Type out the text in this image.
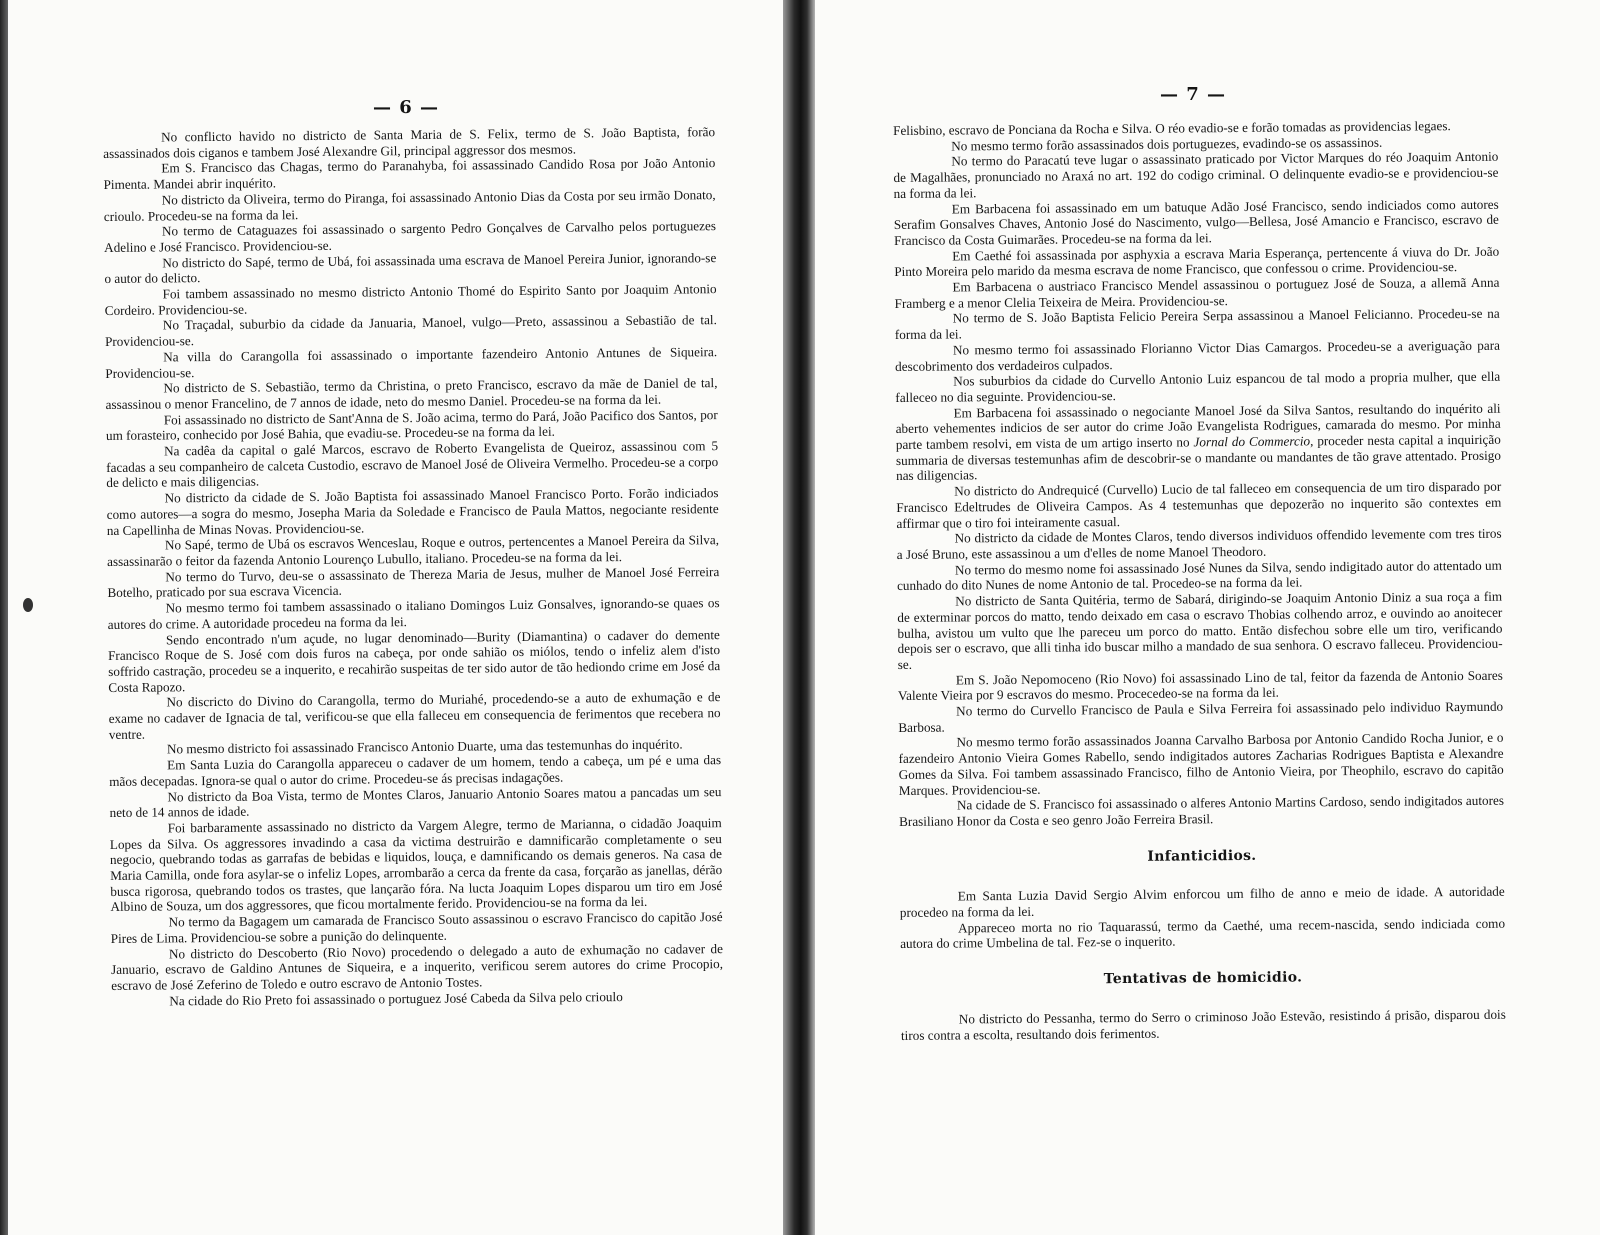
— 6 —

No conflicto havido no districto de Santa Maria de S. Felix, termo de S. João Baptista, forão assassinados dois ciganos e tambem José Alexandre Gil, principal aggressor dos mesmos.

Em S. Francisco das Chagas, termo do Paranahyba, foi assassinado Candido Rosa por João Antonio Pimenta. Mandei abrir inquérito.

No districto da Oliveira, termo do Piranga, foi assassinado Antonio Dias da Costa por seu irmão Donato, crioulo. Procedeu-se na forma da lei.

No termo de Cataguazes foi assassinado o sargento Pedro Gonçalves de Carvalho pelos portuguezes Adelino e José Francisco. Providenciou-se.

No districto do Sapé, termo de Ubá, foi assassinada uma escrava de Manoel Pereira Junior, ignorando-se o autor do delicto.

Foi tambem assassinado no mesmo districto Antonio Thomé do Espirito Santo por Joaquim Antonio Cordeiro. Providenciou-se.

No Traçadal, suburbio da cidade da Januaria, Manoel, vulgo—Preto, assassinou a Sebastião de tal. Providenciou-se.

Na villa do Carangolla foi assassinado o importante fazendeiro Antonio Antunes de Siqueira. Providenciou-se.

No districto de S. Sebastião, termo da Christina, o preto Francisco, escravo da mãe de Daniel de tal, assassinou o menor Francelino, de 7 annos de idade, neto do mesmo Daniel. Procedeu-se na forma da lei.

Foi assassinado no districto de Sant'Anna de S. João acima, termo do Pará, João Pacifico dos Santos, por um forasteiro, conhecido por José Bahia, que evadiu-se. Procedeu-se na forma da lei.

Na cadêa da capital o galé Marcos, escravo de Roberto Evangelista de Queiroz, assassinou com 5 facadas a seu companheiro de calceta Custodio, escravo de Manoel José de Oliveira Vermelho. Procedeu-se a corpo de delicto e mais diligencias.

No districto da cidade de S. João Baptista foi assassinado Manoel Francisco Porto. Forão indiciados como autores—a sogra do mesmo, Josepha Maria da Soledade e Francisco de Paula Mattos, negociante residente na Capellinha de Minas Novas. Providenciou-se.

No Sapé, termo de Ubá os escravos Wenceslau, Roque e outros, pertencentes a Manoel Pereira da Silva, assassinarão o feitor da fazenda Antonio Lourenço Lubullo, italiano. Procedeu-se na forma da lei.

No termo do Turvo, deu-se o assassinato de Thereza Maria de Jesus, mulher de Manoel José Ferreira Botelho, praticado por sua escrava Vicencia.

No mesmo termo foi tambem assassinado o italiano Domingos Luiz Gonsalves, ignorando-se quaes os autores do crime. A autoridade procedeu na forma da lei.

Sendo encontrado n'um açude, no lugar denominado—Burity (Diamantina) o cadaver do demente Francisco Roque de S. José com dois furos na cabeça, por onde sahião os miólos, tendo o infeliz alem d'isto soffrido castração, procedeu se a inquerito, e recahirão suspeitas de ter sido autor de tão hediondo crime em José da Costa Rapozo.

No discricto do Divino do Carangolla, termo do Muriahé, procedendo-se a auto de exhumação e de exame no cadaver de Ignacia de tal, verificou-se que ella falleceu em consequencia de ferimentos que recebera no ventre.

No mesmo districto foi assassinado Francisco Antonio Duarte, uma das testemunhas do inquérito.

Em Santa Luzia do Carangolla appareceu o cadaver de um homem, tendo a cabeça, um pé e uma das mãos decepadas. Ignora-se qual o autor do crime. Procedeu-se ás precisas indagações.

No districto da Boa Vista, termo de Montes Claros, Januario Antonio Soares matou a pancadas um seu neto de 14 annos de idade.

Foi barbaramente assassinado no districto da Vargem Alegre, termo de Marianna, o cidadão Joaquim Lopes da Silva. Os aggressores invadindo a casa da victima destruirão e damnificarão completamente o seu negocio, quebrando todas as garrafas de bebidas e liquidos, louça, e damnificando os demais generos. Na casa de Maria Camilla, onde fora asylar-se o infeliz Lopes, arrombarão a cerca da frente da casa, forçarão as janellas, dérão busca rigorosa, quebrando todos os trastes, que lançarão fóra. Na lucta Joaquim Lopes disparou um tiro em José Albino de Souza, um dos aggressores, que ficou mortalmente ferido. Providenciou-se na forma da lei.

No termo da Bagagem um camarada de Francisco Souto assassinou o escravo Francisco do capitão José Pires de Lima. Providenciou-se sobre a punição do delinquente.

No districto do Descoberto (Rio Novo) procedendo o delegado a auto de exhumação no cadaver de Januario, escravo de Galdino Antunes de Siqueira, e a inquerito, verificou serem autores do crime Procopio, escravo de José Zeferino de Toledo e outro escravo de Antonio Tostes.

Na cidade do Rio Preto foi assassinado o portuguez José Cabeda da Silva pelo crioulo

— 7 —

Felisbino, escravo de Ponciana da Rocha e Silva. O réo evadio-se e forão tomadas as providencias legaes.

No mesmo termo forão assassinados dois portuguezes, evadindo-se os assassinos.

No termo do Paracatú teve lugar o assassinato praticado por Victor Marques do réo Joaquim Antonio de Magalhães, pronunciado no Araxá no art. 192 do codigo criminal. O delinquente evadio-se e providenciou-se na forma da lei.

Em Barbacena foi assassinado em um batuque Adão José Francisco, sendo indiciados como autores Serafim Gonsalves Chaves, Antonio José do Nascimento, vulgo—Bellesa, José Amancio e Francisco, escravo de Francisco da Costa Guimarães. Procedeu-se na forma da lei.

Em Caethé foi assassinada por asphyxia a escrava Maria Esperança, pertencente á viuva do Dr. João Pinto Moreira pelo marido da mesma escrava de nome Francisco, que confessou o crime. Providenciou-se.

Em Barbacena o austriaco Francisco Mendel assassinou o portuguez José de Souza, a allemã Anna Framberg e a menor Clelia Teixeira de Meira. Providenciou-se.

No termo de S. João Baptista Felicio Pereira Serpa assassinou a Manoel Felicianno. Procedeu-se na forma da lei.

No mesmo termo foi assassinado Florianno Victor Dias Camargos. Procedeu-se a averiguação para descobrimento dos verdadeiros culpados.

Nos suburbios da cidade do Curvello Antonio Luiz espancou de tal modo a propria mulher, que ella falleceo no dia seguinte. Providenciou-se.

Em Barbacena foi assassinado o negociante Manoel José da Silva Santos, resultando do inquérito ali aberto vehementes indicios de ser autor do crime João Evangelista Rodrigues, camarada do mesmo. Por minha parte tambem resolvi, em vista de um artigo inserto no Jornal do Commercio, proceder nesta capital a inquirição summaria de diversas testemunhas afim de descobrir-se o mandante ou mandantes de tão grave attentado. Prosigo nas diligencias.

No districto do Andrequicé (Curvello) Lucio de tal falleceo em consequencia de um tiro disparado por Francisco Edeltrudes de Oliveira Campos. As 4 testemunhas que depozerão no inquerito são contextes em affirmar que o tiro foi inteiramente casual.

No districto da cidade de Montes Claros, tendo diversos individuos offendido levemente com tres tiros a José Bruno, este assassinou a um d'elles de nome Manoel Theodoro.

No termo do mesmo nome foi assassinado José Nunes da Silva, sendo indigitado autor do attentado um cunhado do dito Nunes de nome Antonio de tal. Procedeo-se na forma da lei.

No districto de Santa Quitéria, termo de Sabará, dirigindo-se Joaquim Antonio Diniz a sua roça a fim de exterminar porcos do matto, tendo deixado em casa o escravo Thobias colhendo arroz, e ouvindo ao anoitecer bulha, avistou um vulto que lhe pareceu um porco do matto. Então disfechou sobre elle um tiro, verificando depois ser o escravo, que alli tinha ido buscar milho a mandado de sua senhora. O escravo falleceu. Providenciou-se.

Em S. João Nepomoceno (Rio Novo) foi assassinado Lino de tal, feitor da fazenda de Antonio Soares Valente Vieira por 9 escravos do mesmo. Procecedeo-se na forma da lei.

No termo do Curvello Francisco de Paula e Silva Ferreira foi assassinado pelo individuo Raymundo Barbosa.

No mesmo termo forão assassinados Joanna Carvalho Barbosa por Antonio Candido Rocha Junior, e o fazendeiro Antonio Vieira Gomes Rabello, sendo indigitados autores Zacharias Rodrigues Baptista e Alexandre Gomes da Silva. Foi tambem assassinado Francisco, filho de Antonio Vieira, por Theophilo, escravo do capitão Marques. Providenciou-se.

Na cidade de S. Francisco foi assassinado o alferes Antonio Martins Cardoso, sendo indigitados autores Brasiliano Honor da Costa e seo genro João Ferreira Brasil.

Infanticidios.

Em Santa Luzia David Sergio Alvim enforcou um filho de anno e meio de idade. A autoridade procedeo na forma da lei.

Appareceo morta no rio Taquarassú, termo da Caethé, uma recem-nascida, sendo indiciada como autora do crime Umbelina de tal. Fez-se o inquerito.

Tentativas de homicidio.

No districto do Pessanha, termo do Serro o criminoso João Estevão, resistindo á prisão, disparou dois tiros contra a escolta, resultando dois ferimentos.
